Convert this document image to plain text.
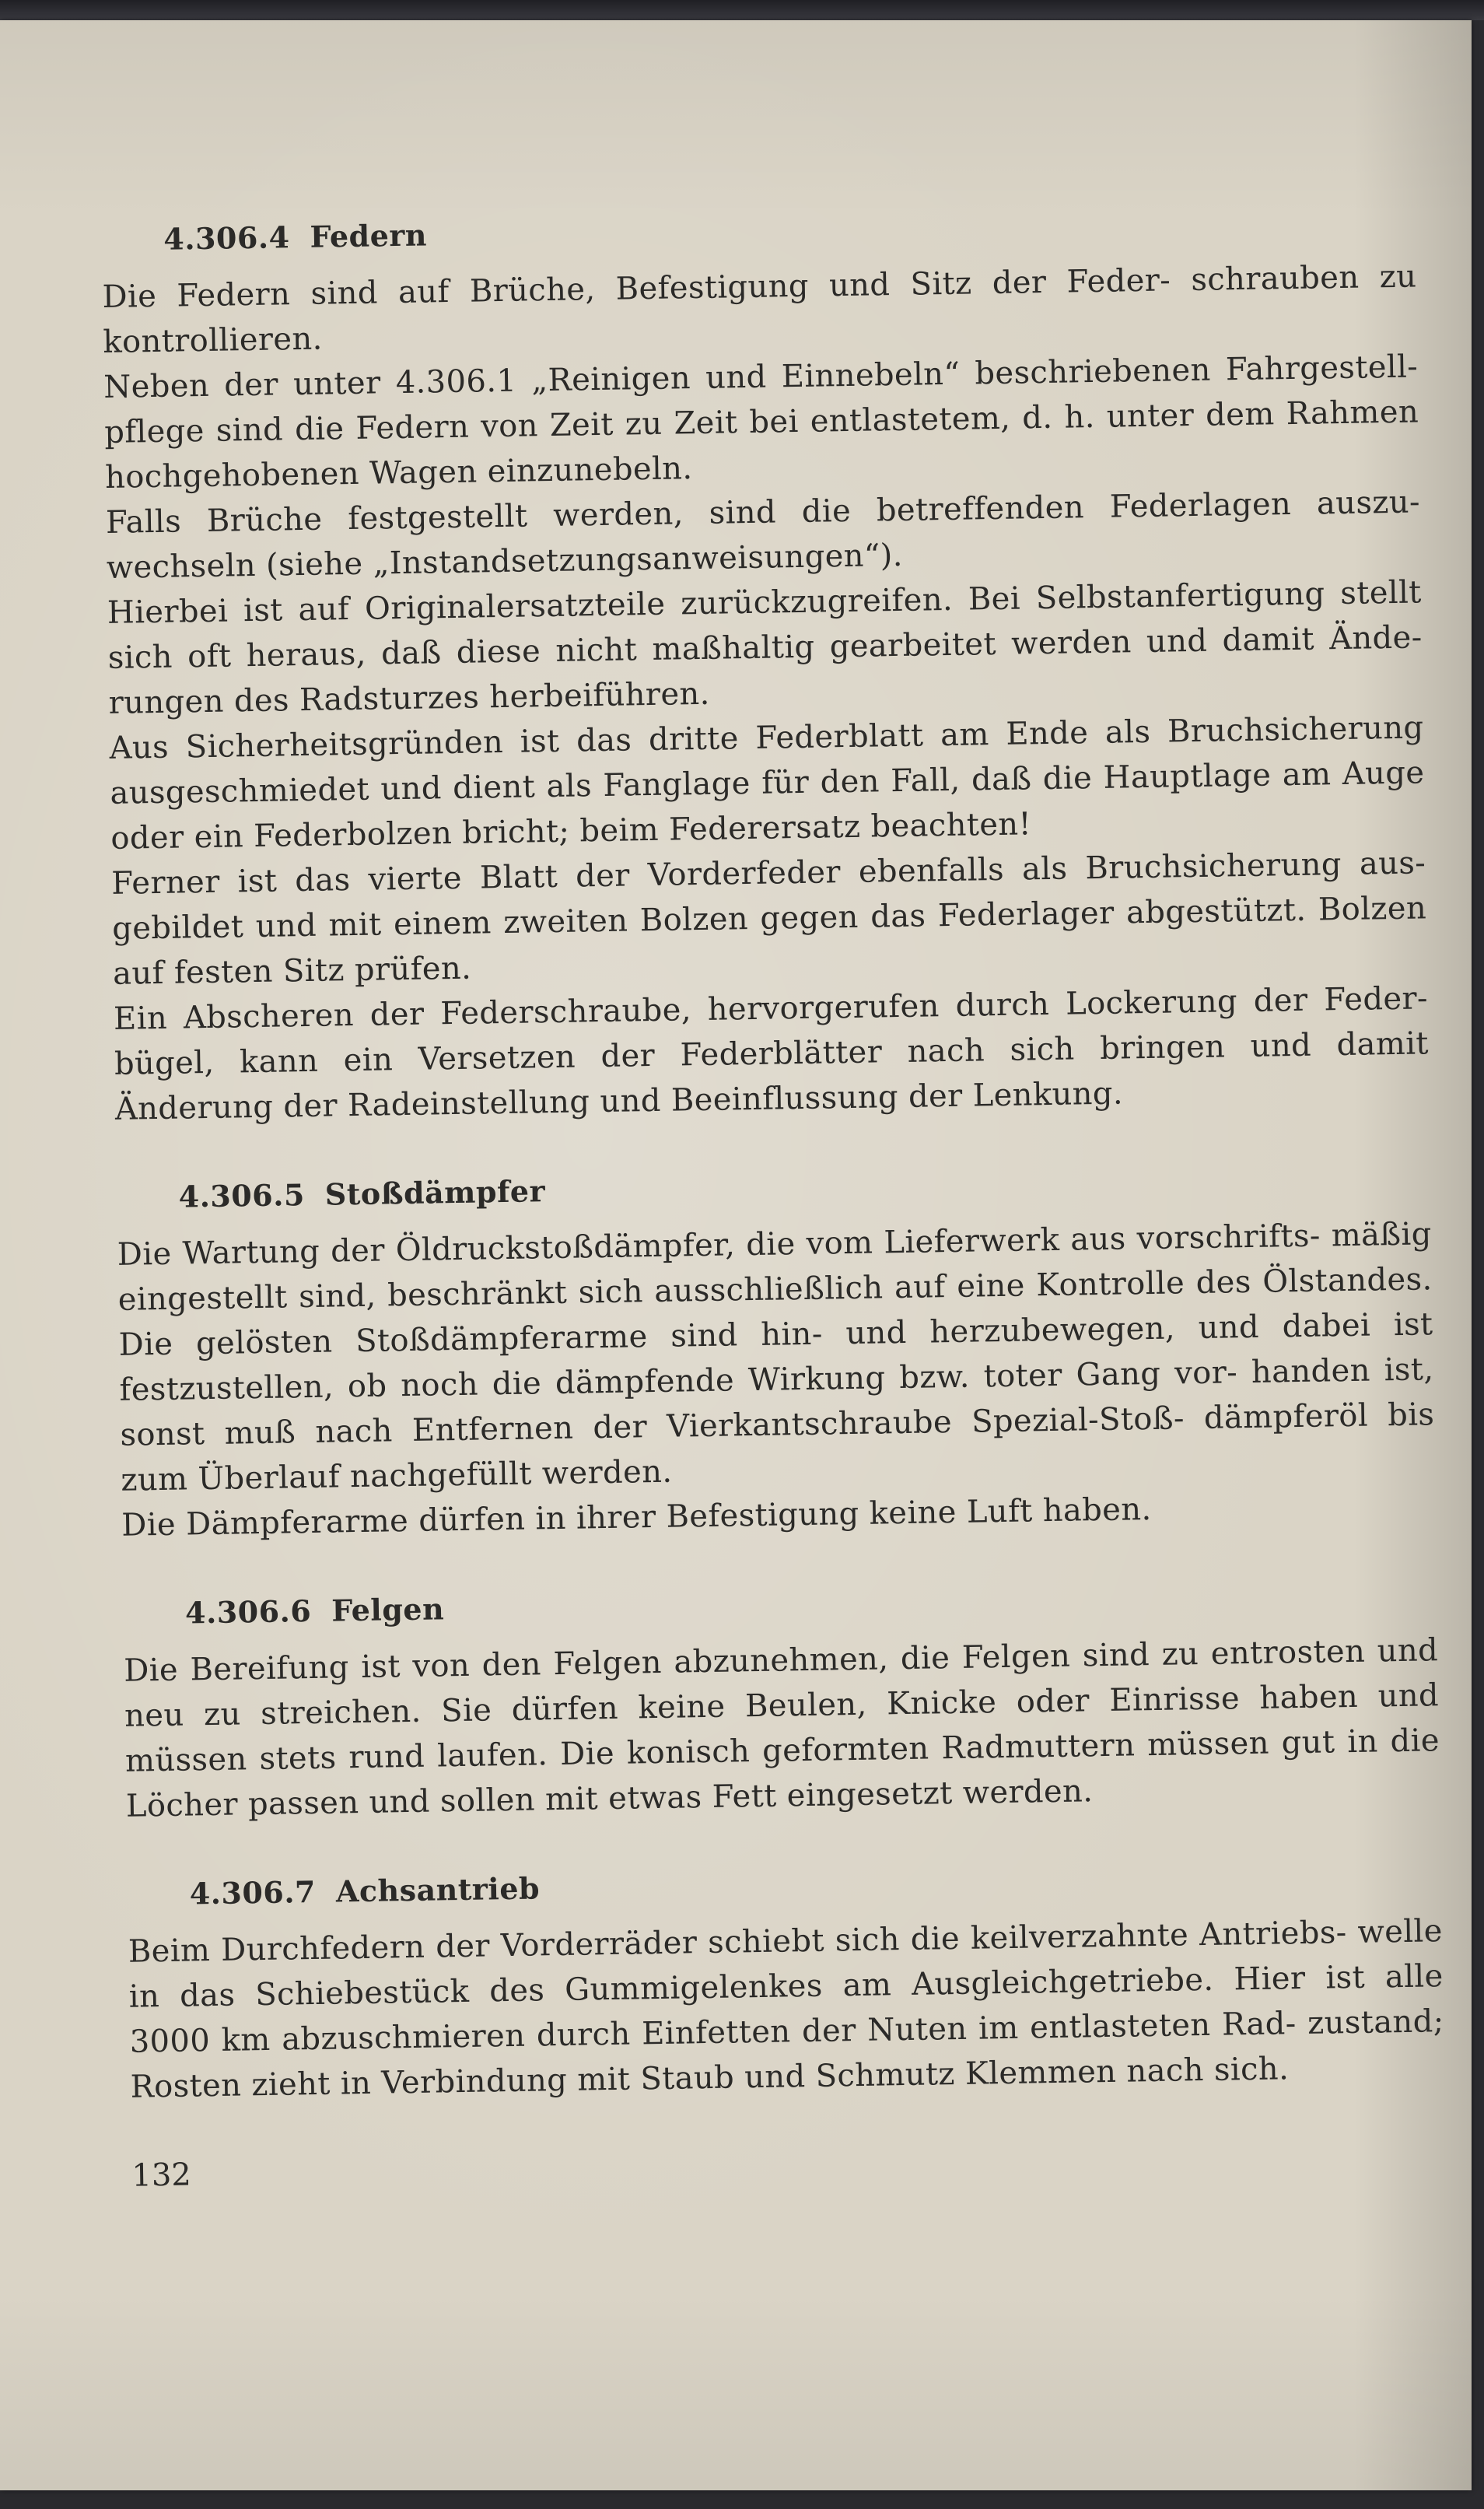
4.306.4 Federn

Die Federn sind auf Brüche, Befestigung und Sitz der Feder- schrauben zu kontrollieren.

Neben der unter 4.306.1 „Reinigen und Einnebeln“ beschriebenen Fahrgestell- pflege sind die Federn von Zeit zu Zeit bei entlastetem, d. h. unter dem Rahmen hochgehobenen Wagen einzunebeln.

Falls Brüche festgestellt werden, sind die betreffenden Federlagen auszu- wechseln (siehe „Instandsetzungsanweisungen“).

Hierbei ist auf Originalersatzteile zurückzugreifen. Bei Selbstanfertigung stellt sich oft heraus, daß diese nicht maßhaltig gearbeitet werden und damit Ände- rungen des Radsturzes herbeiführen.

Aus Sicherheitsgründen ist das dritte Federblatt am Ende als Bruchsicherung ausgeschmiedet und dient als Fanglage für den Fall, daß die Hauptlage am Auge oder ein Federbolzen bricht; beim Federersatz beachten!

Ferner ist das vierte Blatt der Vorderfeder ebenfalls als Bruchsicherung aus- gebildet und mit einem zweiten Bolzen gegen das Federlager abgestützt. Bolzen auf festen Sitz prüfen.

Ein Abscheren der Federschraube, hervorgerufen durch Lockerung der Feder- bügel, kann ein Versetzen der Federblätter nach sich bringen und damit Änderung der Radeinstellung und Beeinflussung der Lenkung.

4.306.5 Stoßdämpfer

Die Wartung der Öldruckstoßdämpfer, die vom Lieferwerk aus vorschrifts- mäßig eingestellt sind, beschränkt sich ausschließlich auf eine Kontrolle des Ölstandes. Die gelösten Stoßdämpferarme sind hin- und herzubewegen, und dabei ist festzustellen, ob noch die dämpfende Wirkung bzw. toter Gang vor- handen ist, sonst muß nach Entfernen der Vierkantschraube Spezial-Stoß- dämpferöl bis zum Überlauf nachgefüllt werden.

Die Dämpferarme dürfen in ihrer Befestigung keine Luft haben.

4.306.6 Felgen

Die Bereifung ist von den Felgen abzunehmen, die Felgen sind zu entrosten und neu zu streichen. Sie dürfen keine Beulen, Knicke oder Einrisse haben und müssen stets rund laufen. Die konisch geformten Radmuttern müssen gut in die Löcher passen und sollen mit etwas Fett eingesetzt werden.

4.306.7 Achsantrieb

Beim Durchfedern der Vorderräder schiebt sich die keilverzahnte Antriebs- welle in das Schiebestück des Gummigelenkes am Ausgleichgetriebe. Hier ist alle 3000 km abzuschmieren durch Einfetten der Nuten im entlasteten Rad- zustand; Rosten zieht in Verbindung mit Staub und Schmutz Klemmen nach sich.

132
